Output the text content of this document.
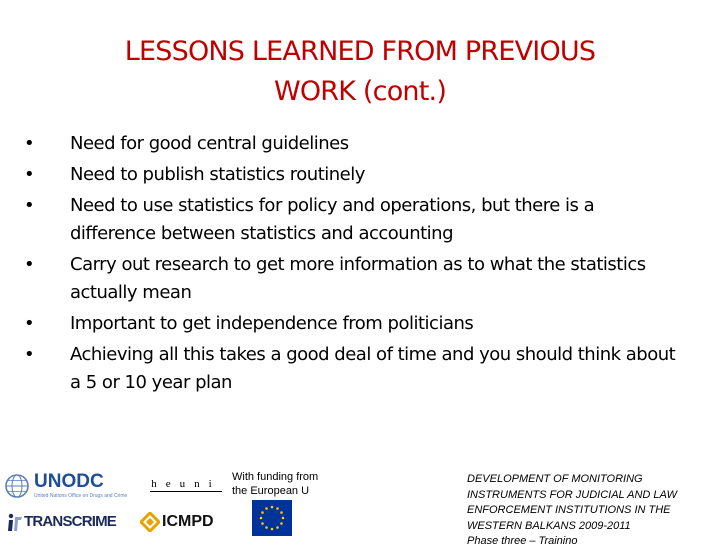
LESSONS LEARNED FROM PREVIOUS
WORK (cont.)
•	Need for good central guidelines
•	Need to publish statistics routinely
•	Need to use statistics for policy and operations, but there is a difference between statistics and accounting
•	Carry out research to get more information as to what the statistics actually mean
•	Important to get independence from politicians
•	Achieving all this takes a good deal of time and you should think about a 5 or 10 year plan
UNODC
United Nations Office on Drugs and Crime
heuni
TRANSCRIME	ICMPD
With funding from the European U
DEVELOPMENT OF MONITORING
INSTRUMENTS FOR JUDICIAL AND LAW
ENFORCEMENT INSTITUTIONS IN THE
WESTERN BALKANS 2009-2011
Phase three – Trainino
